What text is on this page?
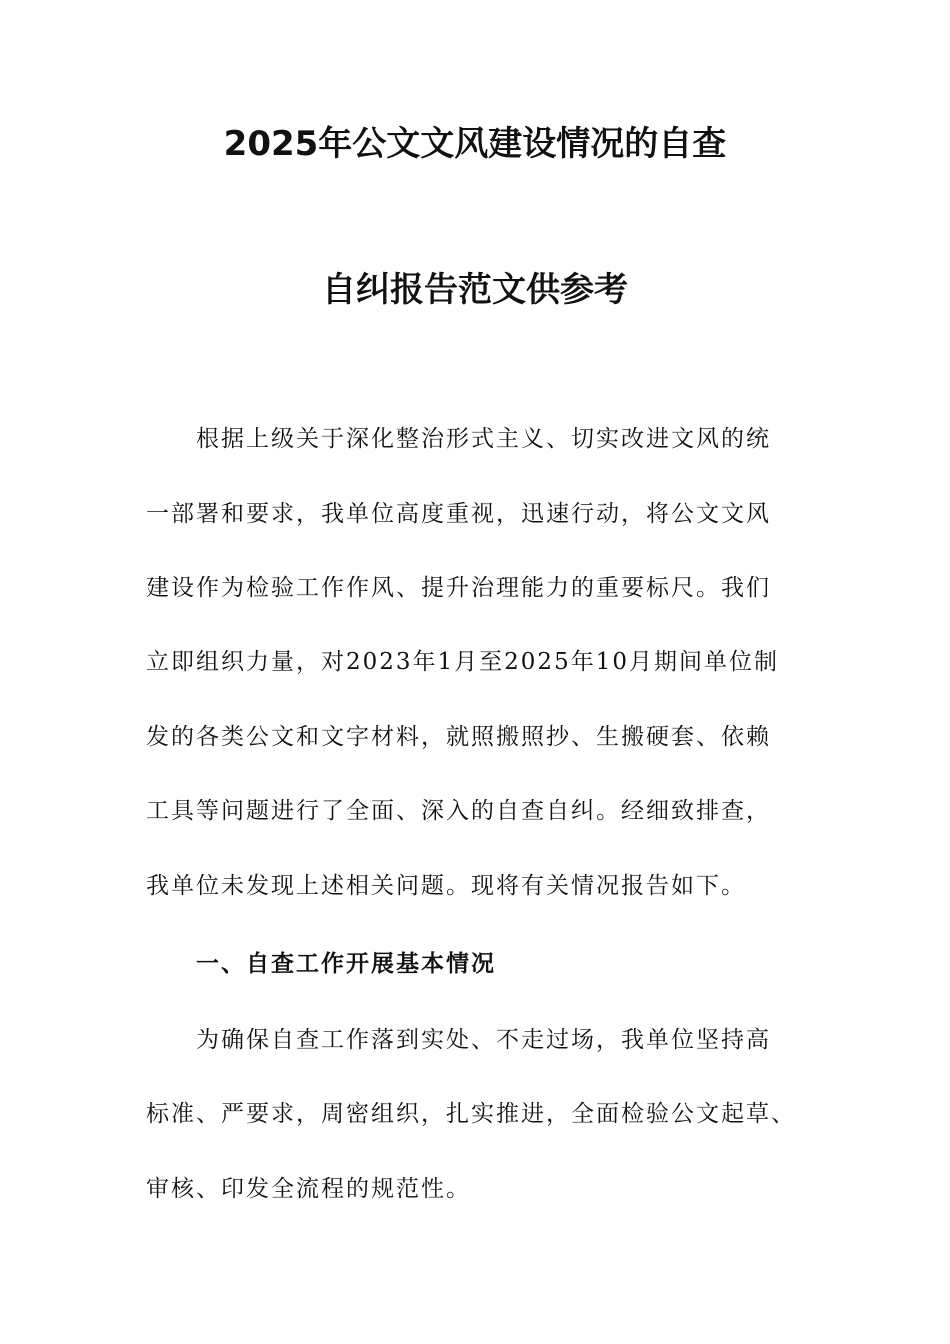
2025年公文文风建设情况的自查
自纠报告范文供参考

根据上级关于深化整治形式主义、切实改进文风的统

一部署和要求，我单位高度重视，迅速行动，将公文文风

建设作为检验工作作风、提升治理能力的重要标尺。我们

立即组织力量，对2023年1月至2025年10月期间单位制

发的各类公文和文字材料，就照搬照抄、生搬硬套、依赖

工具等问题进行了全面、深入的自查自纠。经细致排查，

我单位未发现上述相关问题。现将有关情况报告如下。

一、自查工作开展基本情况

为确保自查工作落到实处、不走过场，我单位坚持高

标准、严要求，周密组织，扎实推进，全面检验公文起草、

审核、印发全流程的规范性。
